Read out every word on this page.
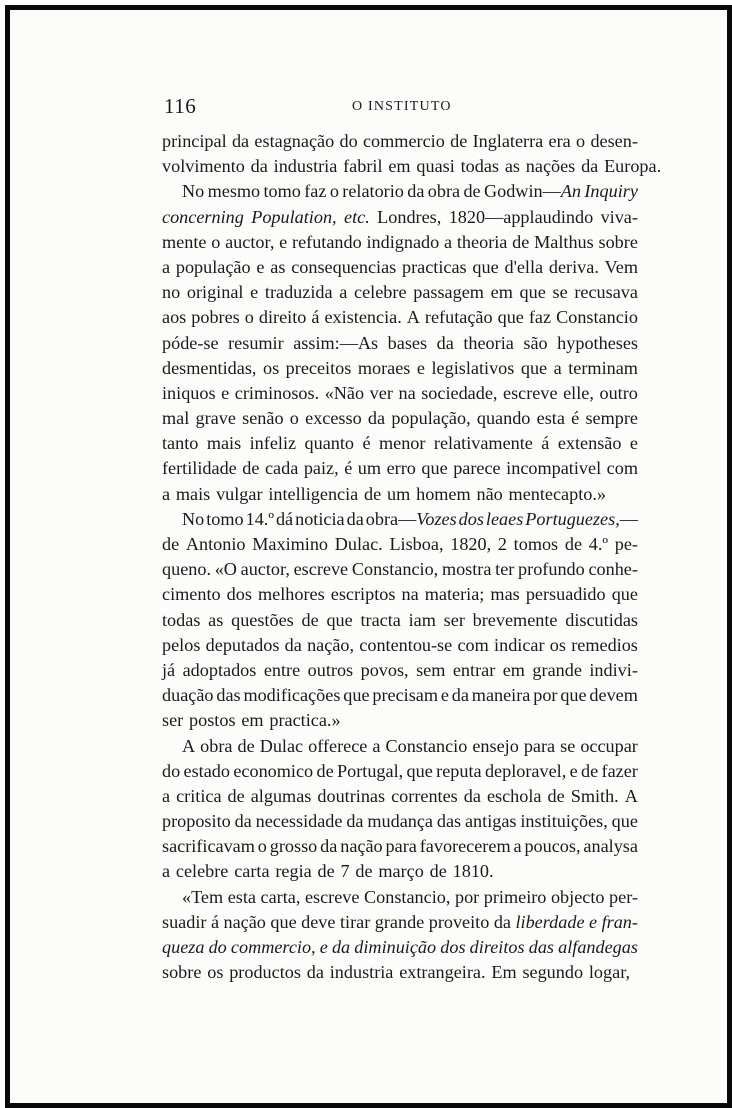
116	O INSTITUTO
principal da estagnação do commercio de Inglaterra era o desen-
volvimento da industria fabril em quasi todas as nações da Europa.
No mesmo tomo faz o relatorio da obra de Godwin—An Inquiry
concerning Population, etc. Londres, 1820—applaudindo viva-
mente o auctor, e refutando indignado a theoria de Malthus sobre
a população e as consequencias practicas que d'ella deriva. Vem
no original e traduzida a celebre passagem em que se recusava
aos pobres o direito á existencia. A refutação que faz Constancio
póde-se resumir assim:—As bases da theoria são hypotheses
desmentidas, os preceitos moraes e legislativos que a terminam
iniquos e criminosos. «Não ver na sociedade, escreve elle, outro
mal grave senão o excesso da população, quando esta é sempre
tanto mais infeliz quanto é menor relativamente á extensão e
fertilidade de cada paiz, é um erro que parece incompativel com
a mais vulgar intelligencia de um homem não mentecapto.»
No tomo 14.º dá noticia da obra—Vozes dos leaes Portuguezes,—
de Antonio Maximino Dulac. Lisboa, 1820, 2 tomos de 4.º pe-
queno. «O auctor, escreve Constancio, mostra ter profundo conhe-
cimento dos melhores escriptos na materia; mas persuadido que
todas as questões de que tracta iam ser brevemente discutidas
pelos deputados da nação, contentou-se com indicar os remedios
já adoptados entre outros povos, sem entrar em grande indivi-
duação das modificações que precisam e da maneira por que devem
ser postos em practica.»
A obra de Dulac offerece a Constancio ensejo para se occupar
do estado economico de Portugal, que reputa deploravel, e de fazer
a critica de algumas doutrinas correntes da eschola de Smith. A
proposito da necessidade da mudança das antigas instituições, que
sacrificavam o grosso da nação para favorecerem a poucos, analysa
a celebre carta regia de 7 de março de 1810.
«Tem esta carta, escreve Constancio, por primeiro objecto per-
suadir á nação que deve tirar grande proveito da liberdade e fran-
queza do commercio, e da diminuição dos direitos das alfandegas
sobre os productos da industria extrangeira. Em segundo logar,
